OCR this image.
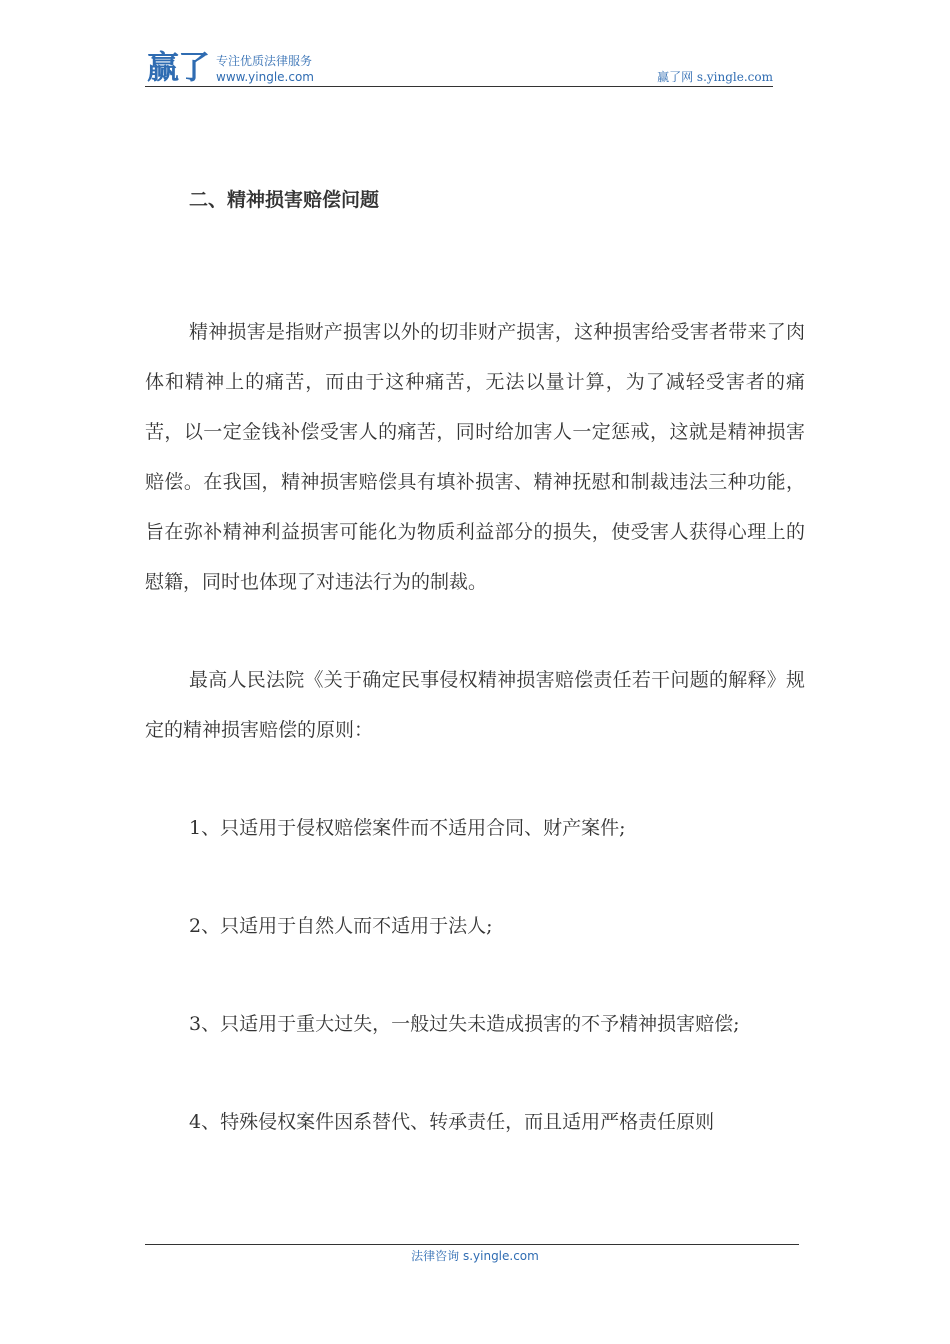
赢了 专注优质法律服务
www.yingle.com	赢了网 s.yingle.com
二、精神损害赔偿问题

精神损害是指财产损害以外的切非财产损害，这种损害给受害者带来了肉体和精神上的痛苦，而由于这种痛苦，无法以量计算，为了减轻受害者的痛苦，以一定金钱补偿受害人的痛苦，同时给加害人一定惩戒，这就是精神损害赔偿。在我国，精神损害赔偿具有填补损害、精神抚慰和制裁违法三种功能，旨在弥补精神利益损害可能化为物质利益部分的损失，使受害人获得心理上的慰籍，同时也体现了对违法行为的制裁。

最高人民法院《关于确定民事侵权精神损害赔偿责任若干问题的解释》规定的精神损害赔偿的原则：

1、只适用于侵权赔偿案件而不适用合同、财产案件;

2、只适用于自然人而不适用于法人;

3、只适用于重大过失，一般过失未造成损害的不予精神损害赔偿;

4、特殊侵权案件因系替代、转承责任，而且适用严格责任原则

法律咨询 s.yingle.com
